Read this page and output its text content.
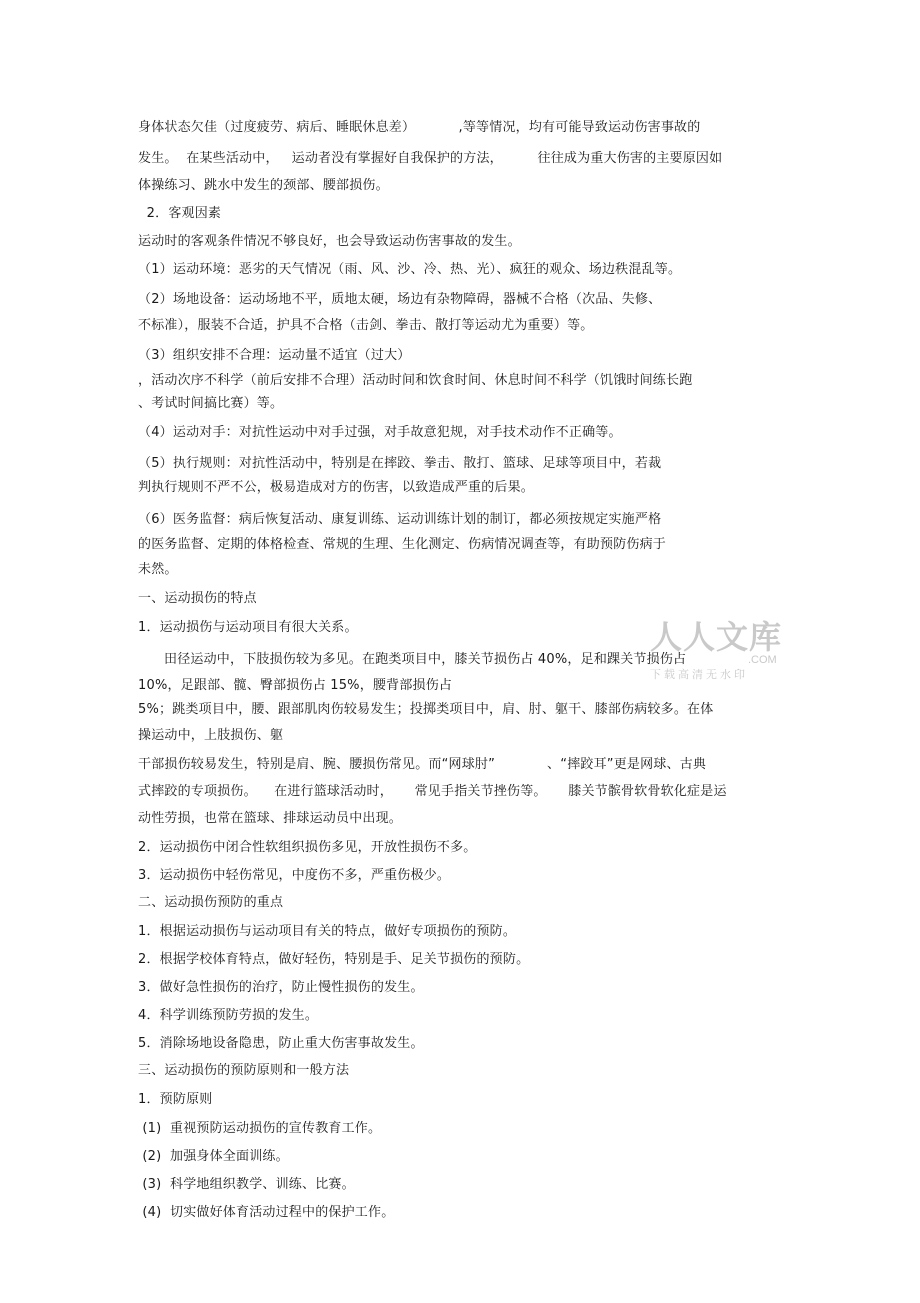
身体状态欠佳（过度疲劳、病后、睡眠休息差）          ,等等情况，均有可能导致运动伤害事故的
发生。  在某些活动中，   运动者没有掌握好自我保护的方法，        往往成为重大伤害的主要原因如
体操练习、跳水中发生的颈部、腰部损伤。
2．客观因素
运动时的客观条件情况不够良好，也会导致运动伤害事故的发生。
（1）运动环境：恶劣的天气情况（雨、风、沙、冷、热、光）、疯狂的观众、场边秩混乱等。
（2）场地设备：运动场地不平，质地太硬，场边有杂物障碍，器械不合格（次品、失修、
不标准），服装不合适，护具不合格（击剑、拳击、散打等运动尤为重要）等。
（3）组织安排不合理：运动量不适宜（过大）
，活动次序不科学（前后安排不合理）活动时间和饮食时间、休息时间不科学（饥饿时间练长跑
、考试时间搞比赛）等。
（4）运动对手：对抗性运动中对手过强，对手故意犯规，对手技术动作不正确等。
（5）执行规则：对抗性活动中，特别是在摔跤、拳击、散打、篮球、足球等项目中，若裁
判执行规则不严不公，极易造成对方的伤害，以致造成严重的后果。
（6）医务监督：病后恢复活动、康复训练、运动训练计划的制订，都必须按规定实施严格
的医务监督、定期的体格检查、常规的生理、生化测定、伤病情况调查等，有助预防伤病于
未然。
一、运动损伤的特点
1．运动损伤与运动项目有很大关系。
田径运动中，下肢损伤较为多见。在跑类项目中，膝关节损伤占 40%，足和踝关节损伤占
10%，足跟部、髋、臀部损伤占 15%，腰背部损伤占
5%；跳类项目中，腰、跟部肌肉伤较易发生；投掷类项目中，肩、肘、躯干、膝部伤病较多。在体
操运动中，上肢损伤、躯
干部损伤较易发生，特别是肩、腕、腰损伤常见。而“网球肘”            、“摔跤耳”更是网球、古典
式摔跤的专项损伤。    在进行篮球活动时，     常见手指关节挫伤等。     膝关节髌骨软骨软化症是运
动性劳损，也常在篮球、排球运动员中出现。
2．运动损伤中闭合性软组织损伤多见，开放性损伤不多。
3．运动损伤中轻伤常见，中度伤不多，严重伤极少。
二、运动损伤预防的重点
1．根据运动损伤与运动项目有关的特点，做好专项损伤的预防。
2．根据学校体育特点，做好轻伤，特别是手、足关节损伤的预防。
3．做好急性损伤的治疗，防止慢性损伤的发生。
4．科学训练预防劳损的发生。
5．消除场地设备隐患，防止重大伤害事故发生。
三、运动损伤的预防原则和一般方法
1．预防原则
(1)  重视预防运动损伤的宣传教育工作。
(2)  加强身体全面训练。
(3)  科学地组织教学、训练、比赛。
(4)  切实做好体育活动过程中的保护工作。
人人文库
.COM
下载高清无水印
